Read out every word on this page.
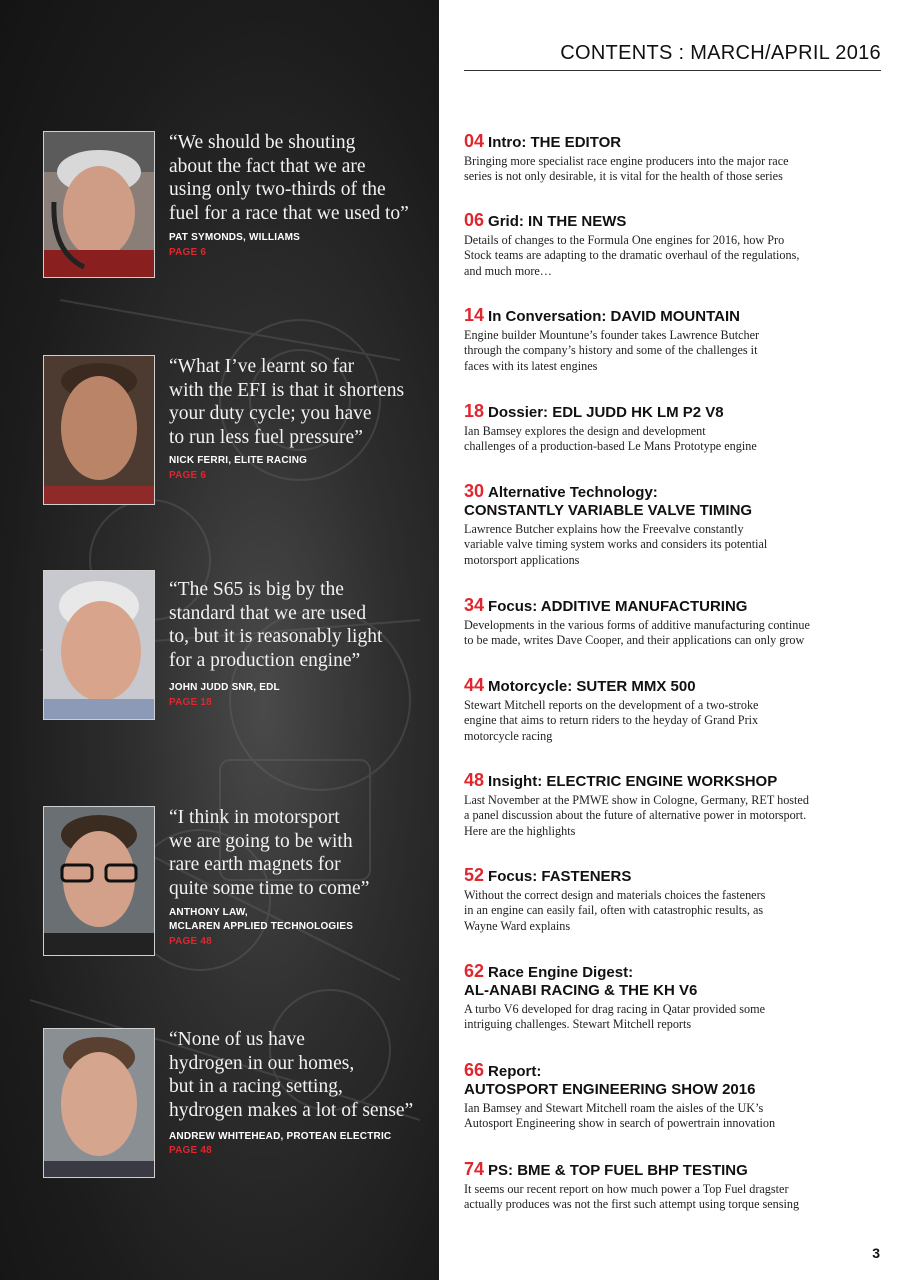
“We should be shouting
about the fact that we are
using only two-thirds of the
fuel for a race that we used to”

PAT SYMONDS, WILLIAMS

PAGE 6

“What I’ve learnt so far
with the EFI is that it shortens
your duty cycle; you have
to run less fuel pressure”

NICK FERRI, ELITE RACING

PAGE 6

“The S65 is big by the
standard that we are used
to, but it is reasonably light
for a production engine”

JOHN JUDD SNR, EDL

PAGE 18

“I think in motorsport
we are going to be with
rare earth magnets for
quite some time to come”

ANTHONY LAW,
MCLAREN APPLIED TECHNOLOGIES

PAGE 48

“None of us have
hydrogen in our homes,
but in a racing setting,
hydrogen makes a lot of sense”

ANDREW WHITEHEAD, PROTEAN ELECTRIC

PAGE 48

CONTENTS : MARCH/APRIL 2016

04 Intro: THE EDITOR

Bringing more specialist race engine producers into the major race
series is not only desirable, it is vital for the health of those series

06 Grid: IN THE NEWS

Details of changes to the Formula One engines for 2016, how Pro
Stock teams are adapting to the dramatic overhaul of the regulations,
and much more…

14 In Conversation: DAVID MOUNTAIN

Engine builder Mountune’s founder takes Lawrence Butcher
through the company’s history and some of the challenges it
faces with its latest engines

18 Dossier: EDL JUDD HK LM P2 V8

Ian Bamsey explores the design and development
challenges of a production-based Le Mans Prototype engine

30 Alternative Technology:
CONSTANTLY VARIABLE VALVE TIMING

Lawrence Butcher explains how the Freevalve constantly
variable valve timing system works and considers its potential
motorsport applications

34 Focus: ADDITIVE MANUFACTURING

Developments in the various forms of additive manufacturing continue
to be made, writes Dave Cooper, and their applications can only grow

44 Motorcycle: SUTER MMX 500

Stewart Mitchell reports on the development of a two-stroke
engine that aims to return riders to the heyday of Grand Prix
motorcycle racing

48 Insight: ELECTRIC ENGINE WORKSHOP

Last November at the PMWE show in Cologne, Germany, RET hosted
a panel discussion about the future of alternative power in motorsport.
Here are the highlights

52 Focus: FASTENERS

Without the correct design and materials choices the fasteners
in an engine can easily fail, often with catastrophic results, as
Wayne Ward explains

62 Race Engine Digest:
AL-ANABI RACING & THE KH V6

A turbo V6 developed for drag racing in Qatar provided some
intriguing challenges. Stewart Mitchell reports

66 Report:
AUTOSPORT ENGINEERING SHOW 2016

Ian Bamsey and Stewart Mitchell roam the aisles of the UK’s
Autosport Engineering show in search of powertrain innovation

74 PS: BME & TOP FUEL BHP TESTING

It seems our recent report on how much power a Top Fuel dragster
actually produces was not the first such attempt using torque sensing

3
